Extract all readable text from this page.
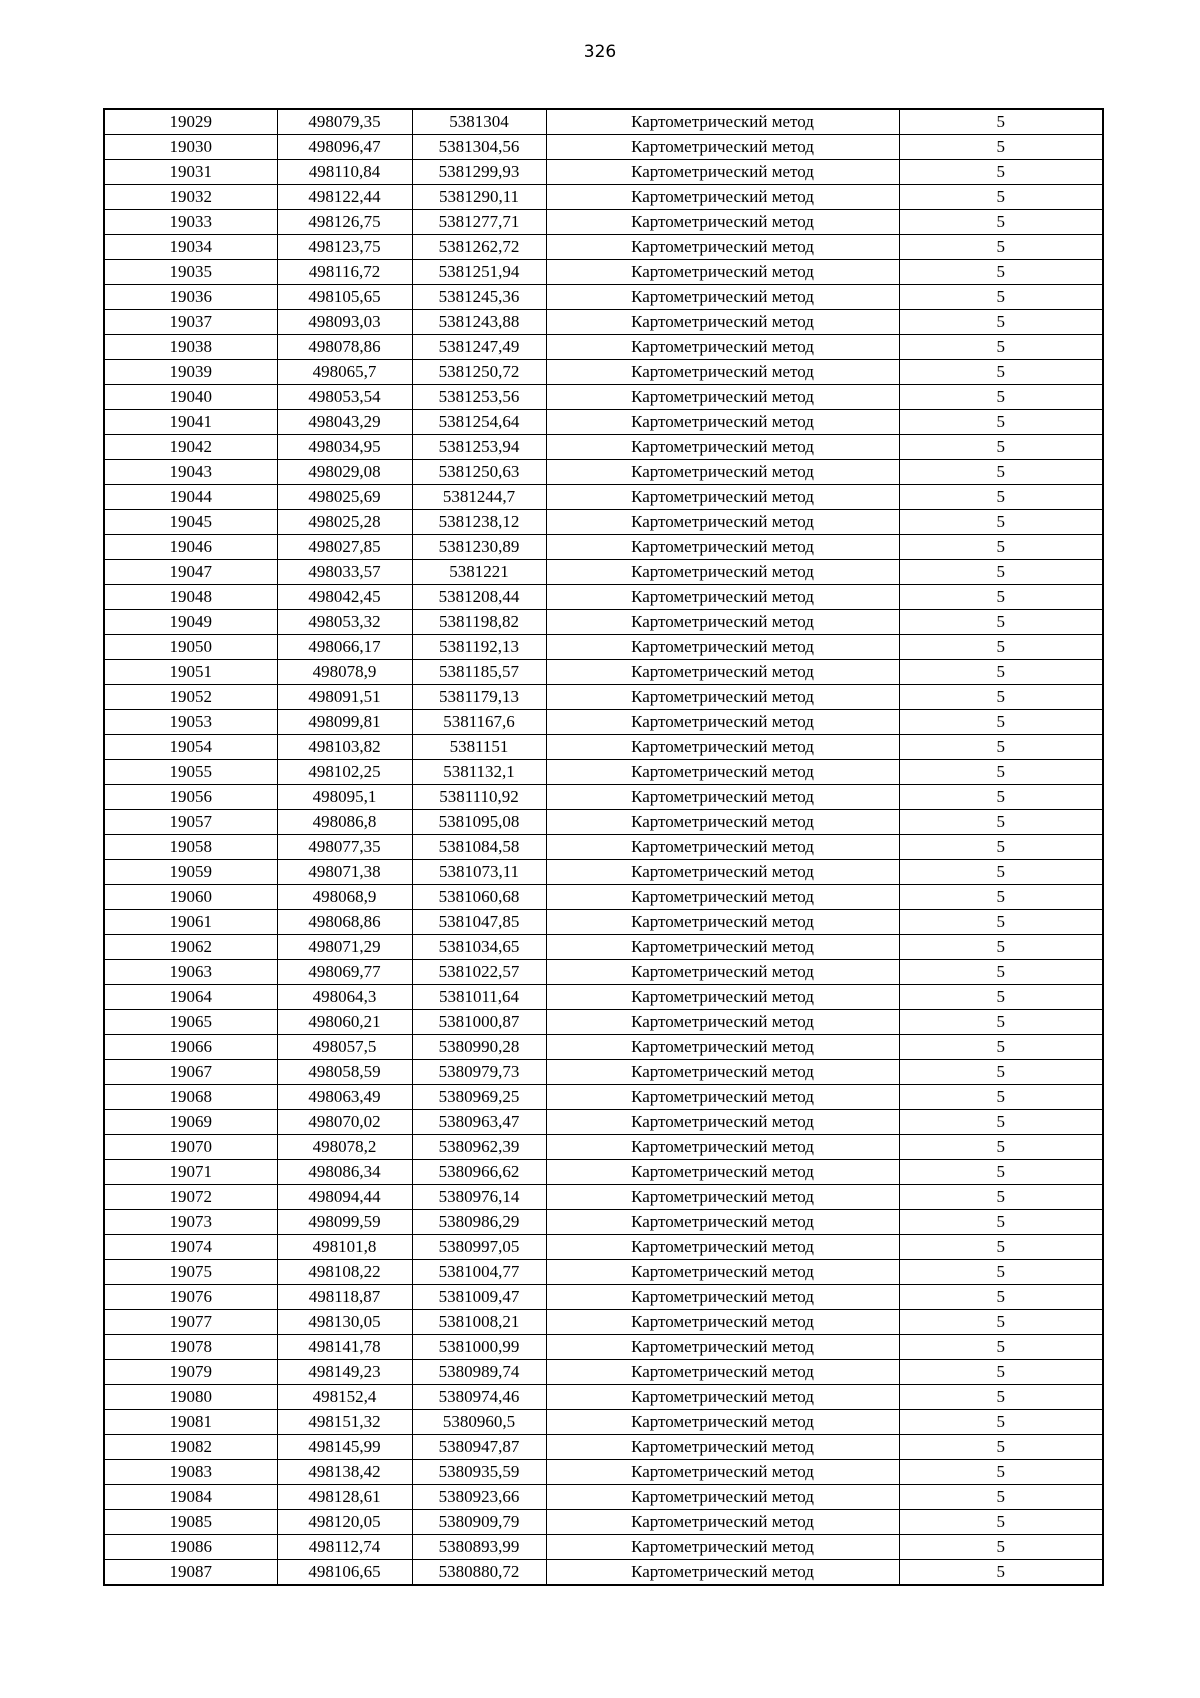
326
19029	498079,35	5381304	Картометрический метод	5
19030	498096,47	5381304,56	Картометрический метод	5
19031	498110,84	5381299,93	Картометрический метод	5
19032	498122,44	5381290,11	Картометрический метод	5
19033	498126,75	5381277,71	Картометрический метод	5
19034	498123,75	5381262,72	Картометрический метод	5
19035	498116,72	5381251,94	Картометрический метод	5
19036	498105,65	5381245,36	Картометрический метод	5
19037	498093,03	5381243,88	Картометрический метод	5
19038	498078,86	5381247,49	Картометрический метод	5
19039	498065,7	5381250,72	Картометрический метод	5
19040	498053,54	5381253,56	Картометрический метод	5
19041	498043,29	5381254,64	Картометрический метод	5
19042	498034,95	5381253,94	Картометрический метод	5
19043	498029,08	5381250,63	Картометрический метод	5
19044	498025,69	5381244,7	Картометрический метод	5
19045	498025,28	5381238,12	Картометрический метод	5
19046	498027,85	5381230,89	Картометрический метод	5
19047	498033,57	5381221	Картометрический метод	5
19048	498042,45	5381208,44	Картометрический метод	5
19049	498053,32	5381198,82	Картометрический метод	5
19050	498066,17	5381192,13	Картометрический метод	5
19051	498078,9	5381185,57	Картометрический метод	5
19052	498091,51	5381179,13	Картометрический метод	5
19053	498099,81	5381167,6	Картометрический метод	5
19054	498103,82	5381151	Картометрический метод	5
19055	498102,25	5381132,1	Картометрический метод	5
19056	498095,1	5381110,92	Картометрический метод	5
19057	498086,8	5381095,08	Картометрический метод	5
19058	498077,35	5381084,58	Картометрический метод	5
19059	498071,38	5381073,11	Картометрический метод	5
19060	498068,9	5381060,68	Картометрический метод	5
19061	498068,86	5381047,85	Картометрический метод	5
19062	498071,29	5381034,65	Картометрический метод	5
19063	498069,77	5381022,57	Картометрический метод	5
19064	498064,3	5381011,64	Картометрический метод	5
19065	498060,21	5381000,87	Картометрический метод	5
19066	498057,5	5380990,28	Картометрический метод	5
19067	498058,59	5380979,73	Картометрический метод	5
19068	498063,49	5380969,25	Картометрический метод	5
19069	498070,02	5380963,47	Картометрический метод	5
19070	498078,2	5380962,39	Картометрический метод	5
19071	498086,34	5380966,62	Картометрический метод	5
19072	498094,44	5380976,14	Картометрический метод	5
19073	498099,59	5380986,29	Картометрический метод	5
19074	498101,8	5380997,05	Картометрический метод	5
19075	498108,22	5381004,77	Картометрический метод	5
19076	498118,87	5381009,47	Картометрический метод	5
19077	498130,05	5381008,21	Картометрический метод	5
19078	498141,78	5381000,99	Картометрический метод	5
19079	498149,23	5380989,74	Картометрический метод	5
19080	498152,4	5380974,46	Картометрический метод	5
19081	498151,32	5380960,5	Картометрический метод	5
19082	498145,99	5380947,87	Картометрический метод	5
19083	498138,42	5380935,59	Картометрический метод	5
19084	498128,61	5380923,66	Картометрический метод	5
19085	498120,05	5380909,79	Картометрический метод	5
19086	498112,74	5380893,99	Картометрический метод	5
19087	498106,65	5380880,72	Картометрический метод	5
